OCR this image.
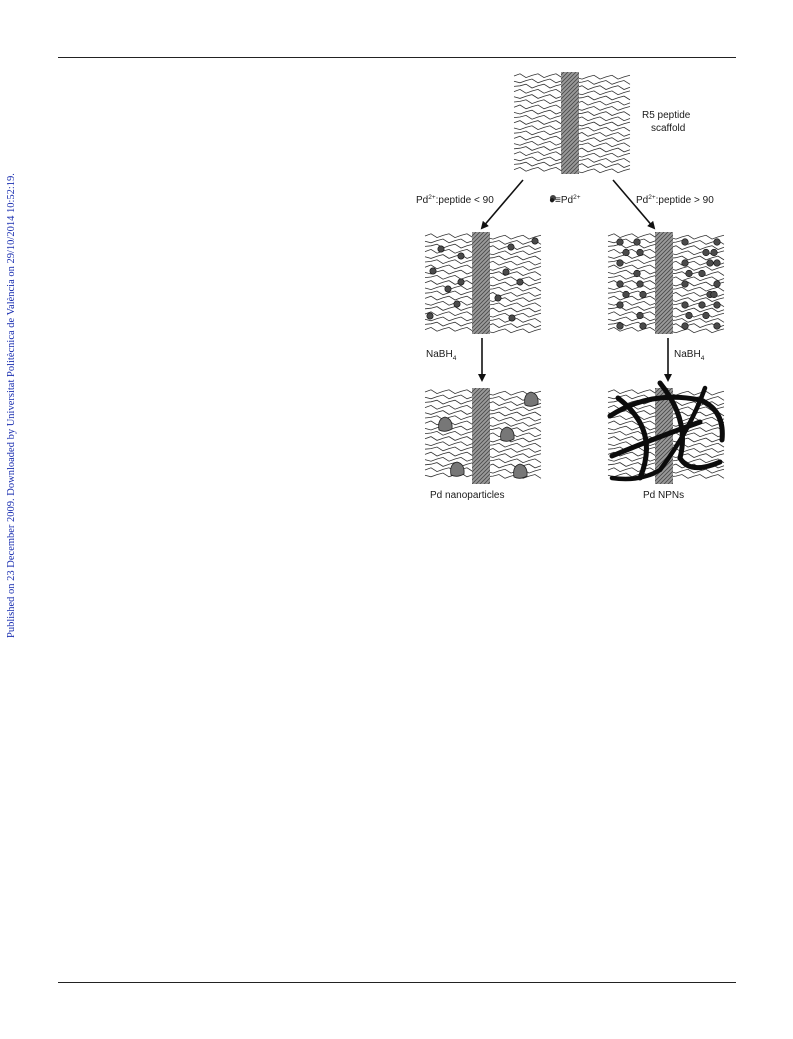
Published on 23 December 2009. Downloaded by Universitat Politècnica de València on 29/10/2014 10:52:19.
R5 peptide
scaffold
$Pd^{2+}:peptide < 90$	$●\equiv Pd^{2+}$	$Pd^{2+}:peptide > 90$
NaBH$_4$	NaBH$_4$
Pd nanoparticles	Pd NPNs
